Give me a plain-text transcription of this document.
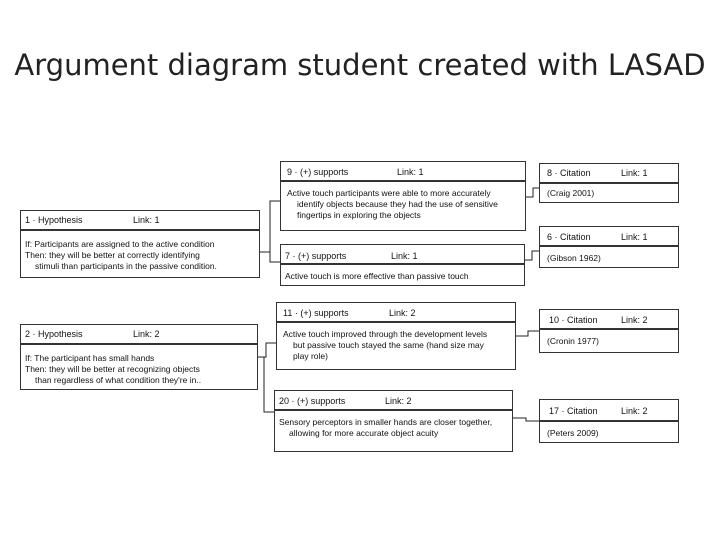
Argument diagram student created with LASAD
1 · Hypothesis	Link: 1
If: Participants are assigned to the active condition
Then: they will be better at correctly identifying
stimuli than participants in the passive condition.
2 · Hypothesis	Link: 2
If: The participant has small hands
Then: they will be better at recognizing objects
than regardless of what condition they're in..
9 · (+) supports	Link: 1
Active touch participants were able to more accurately
identify objects because they had the use of sensitive
fingertips in exploring the objects
7 · (+) supports	Link: 1
Active touch is more effective than passive touch
11 · (+) supports	Link: 2
Active touch improved through the development levels
but passive touch stayed the same (hand size may
play role)
20 · (+) supports	Link: 2
Sensory perceptors in smaller hands are closer together,
allowing for more accurate object acuity
8 · Citation	Link: 1
(Craig 2001)
6 · Citation	Link: 1
(Gibson 1962)
10 · Citation	Link: 2
(Cronin 1977)
17 · Citation	Link: 2
(Peters 2009)
